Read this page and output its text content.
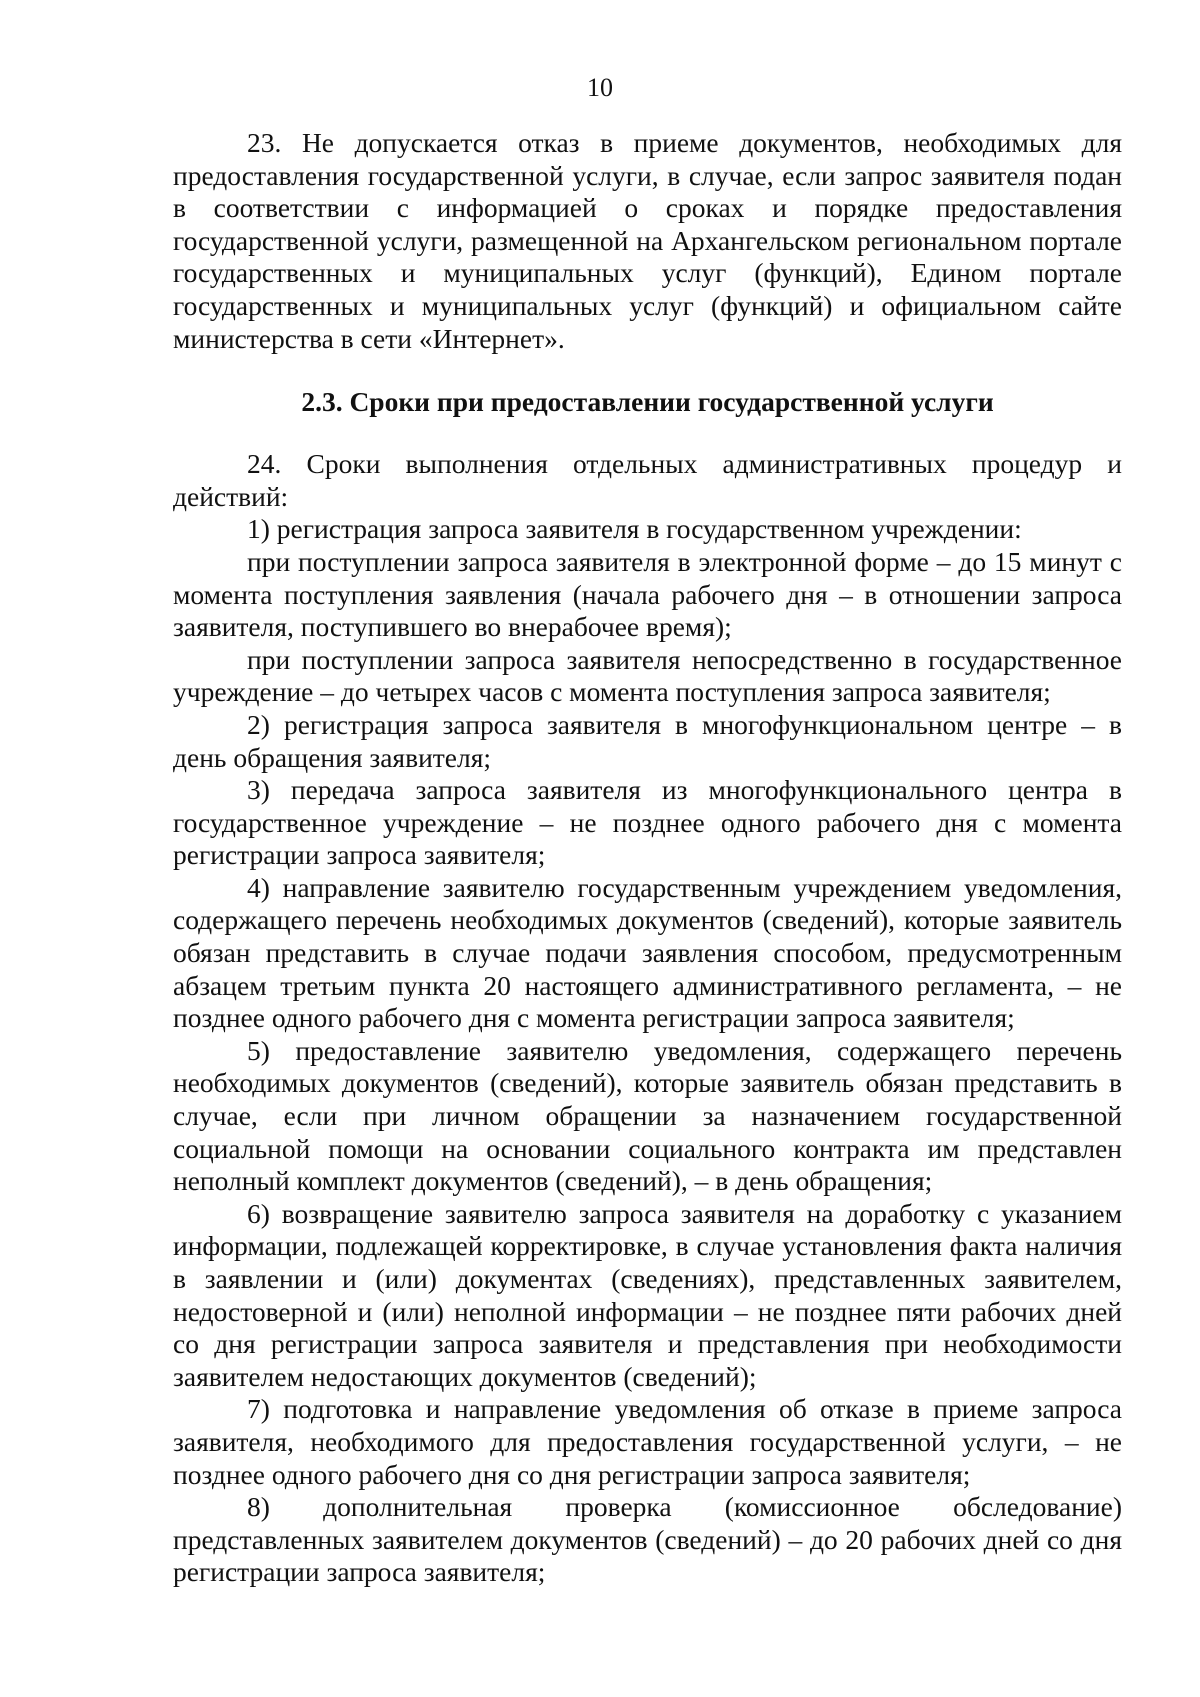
10

23. Не допускается отказ в приеме документов, необходимых для предоставления государственной услуги, в случае, если запрос заявителя подан в соответствии с информацией о сроках и порядке предоставления государственной услуги, размещенной на Архангельском региональном портале государственных и муниципальных услуг (функций), Едином портале государственных и муниципальных услуг (функций) и официальном сайте министерства в сети «Интернет».

2.3. Сроки при предоставлении государственной услуги

24. Сроки выполнения отдельных административных процедур и действий:

1) регистрация запроса заявителя в государственном учреждении:

при поступлении запроса заявителя в электронной форме – до 15 минут с момента поступления заявления (начала рабочего дня – в отношении запроса заявителя, поступившего во внерабочее время);

при поступлении запроса заявителя непосредственно в государственное учреждение – до четырех часов с момента поступления запроса заявителя;

2) регистрация запроса заявителя в многофункциональном центре – в день обращения заявителя;

3) передача запроса заявителя из многофункционального центра в государственное учреждение – не позднее одного рабочего дня с момента регистрации запроса заявителя;

4) направление заявителю государственным учреждением уведомления, содержащего перечень необходимых документов (сведений), которые заявитель обязан представить в случае подачи заявления способом, предусмотренным абзацем третьим пункта 20 настоящего административного регламента, – не позднее одного рабочего дня с момента регистрации запроса заявителя;

5) предоставление заявителю уведомления, содержащего перечень необходимых документов (сведений), которые заявитель обязан представить в случае, если при личном обращении за назначением государственной социальной помощи на основании социального контракта им представлен неполный комплект документов (сведений), – в день обращения;

6) возвращение заявителю запроса заявителя на доработку с указанием информации, подлежащей корректировке, в случае установления факта наличия в заявлении и (или) документах (сведениях), представленных заявителем, недостоверной и (или) неполной информации – не позднее пяти рабочих дней со дня регистрации запроса заявителя и представления при необходимости заявителем недостающих документов (сведений);

7) подготовка и направление уведомления об отказе в приеме запроса заявителя, необходимого для предоставления государственной услуги, – не позднее одного рабочего дня со дня регистрации запроса заявителя;

8) дополнительная проверка (комиссионное обследование) представленных заявителем документов (сведений) – до 20 рабочих дней со дня регистрации запроса заявителя;
